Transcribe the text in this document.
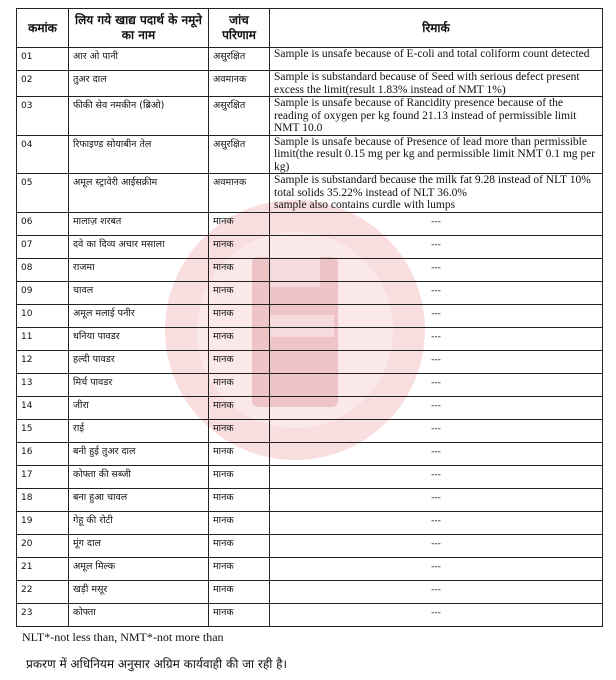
कमांक	लिय गये खाद्य पदार्थ के नमूने का नाम	जांच परिणाम	रिमार्क
01	आर ओ पानी	असुरक्षित	Sample is unsafe because of E-coli and total coliform count detected
02	तुअर दाल	अवमानक	Sample is substandard because of Seed with serious defect present excess the limit(result 1.83% instead of NMT 1%)
03	फीकी सेव नमकीन (ब्रिओ)	असुरक्षित	Sample is unsafe because of Rancidity presence because of the reading of oxygen per kg found 21.13 instead of permissible limit NMT 10.0
04	रिफाइण्ड सोयाबीन तेल	असुरक्षित	Sample is unsafe because of Presence of lead more than permissible limit(the result 0.15 mg per kg and permissible limit NMT 0.1 mg per kg)
05	अमूल स्ट्रावेरी आईसक्रीम	अवमानक	Sample is substandard because the milk fat 9.28 instead of NLT 10%
total solids 35.22% instead of NLT 36.0%
sample also contains curdle with lumps
06	मालाज़ शरबत	मानक	---
07	दवे का दिव्य अचार मसाला	मानक	---
08	राजमा	मानक	---
09	चावल	मानक	---
10	अमूल मलाई पनीर	मानक	---
11	धनिया पावडर	मानक	---
12	हल्दी पावडर	मानक	---
13	मिर्च पावडर	मानक	---
14	जीरा	मानक	---
15	राई	मानक	---
16	बनी हुई तुअर दाल	मानक	---
17	कोफ्ता की सब्जी	मानक	---
18	बना हुआ चावल	मानक	---
19	गेहू की रोटी	मानक	---
20	मूंग दाल	मानक	---
21	अमूल मिल्क	मानक	---
22	खड़ी मसूर	मानक	---
23	कोफ्ता	मानक	---
NLT*-not less than, NMT*-not more than
प्रकरण में अधिनियम अनुसार अग्रिम कार्यवाही की जा रही है।
